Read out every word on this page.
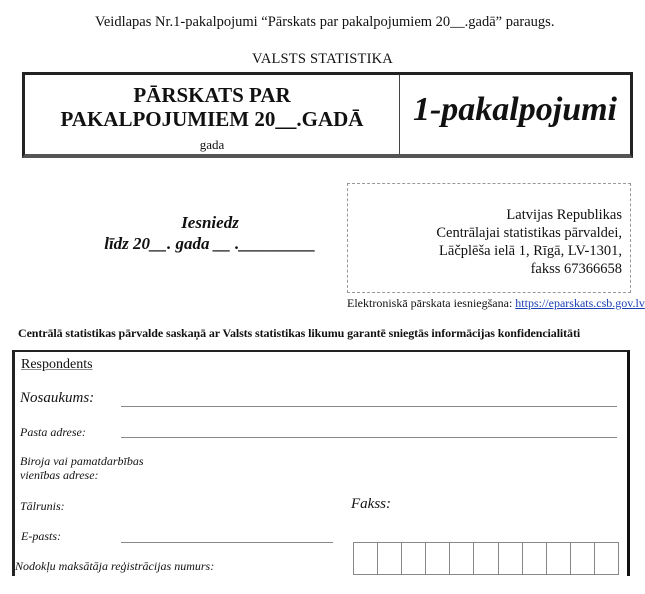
Veidlapas Nr.1-pakalpojumi “Pārskats par pakalpojumiem 20__.gadā” paraugs.
VALSTS STATISTIKA
PĀRSKATS PAR
PAKALPOJUMIEM 20__.GADĀ
gada
1-pakalpojumi
Iesniedz
līdz 20__. gada __ ._________
Latvijas Republikas
Centrālajai statistikas pārvaldei,
Lāčplēša ielā 1, Rīgā, LV-1301,
fakss 67366658
Elektroniskā pārskata iesniegšana: https://eparskats.csb.gov.lv
Centrālā statistikas pārvalde saskaņā ar Valsts statistikas likumu garantē sniegtās informācijas konfidencialitāti
Respondents
Nosaukums:
Pasta adrese:
Biroja vai pamatdarbības
vienības adrese:
Tālrunis:	Fakss:
E-pasts:
Nodokļu maksātāja reģistrācijas numurs:
